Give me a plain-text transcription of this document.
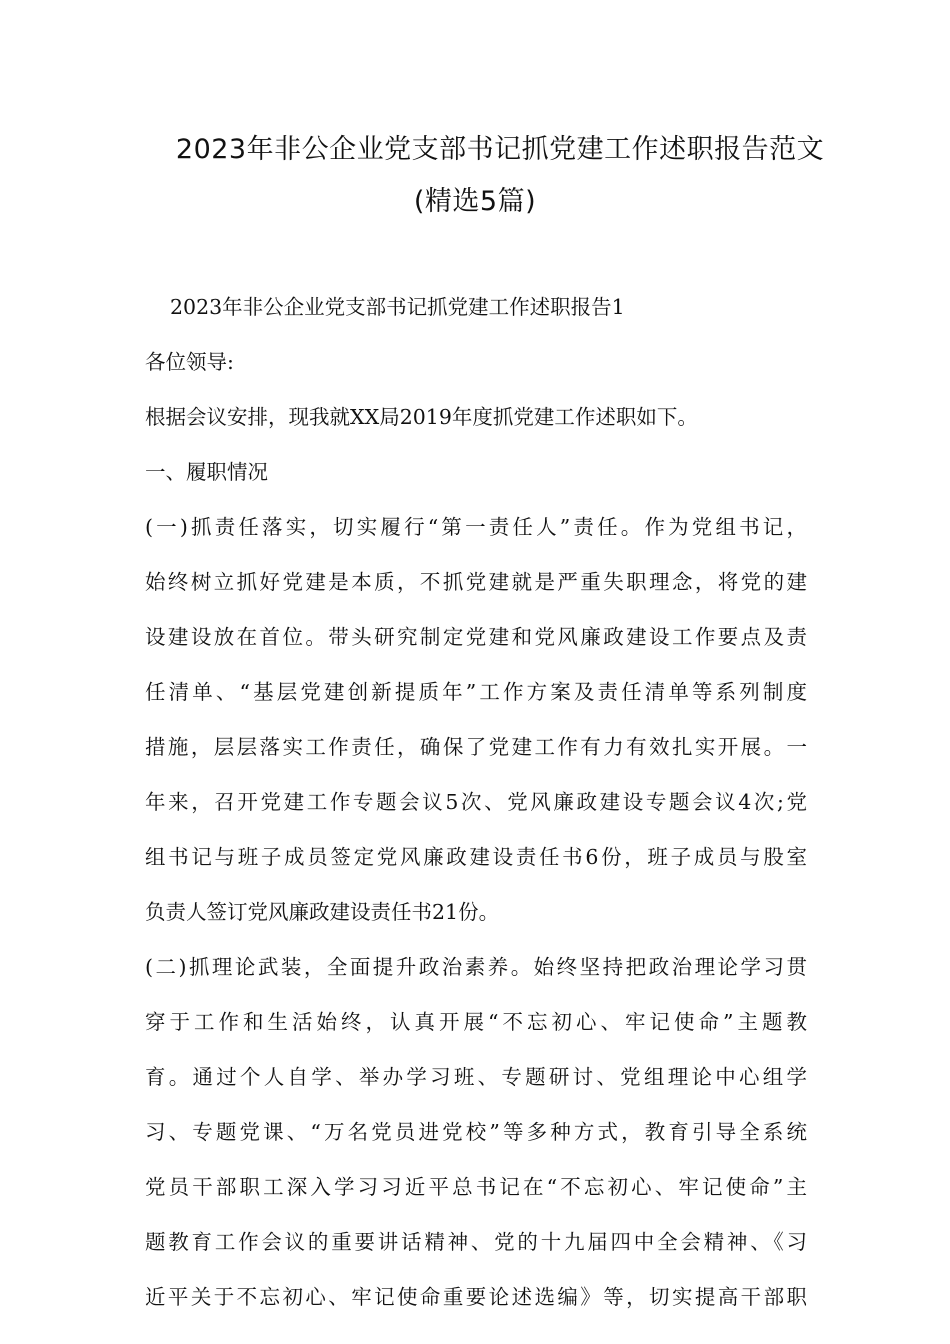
2023年非公企业党支部书记抓党建工作述职报告范文
(精选5篇)
2023年非公企业党支部书记抓党建工作述职报告1
各位领导:
根据会议安排，现我就XX局2019年度抓党建工作述职如下。
一、履职情况
(一)抓责任落实，切实履行“第一责任人”责任。作为党组书记，
始终树立抓好党建是本质，不抓党建就是严重失职理念，将党的建
设建设放在首位。带头研究制定党建和党风廉政建设工作要点及责
任清单、“基层党建创新提质年”工作方案及责任清单等系列制度
措施，层层落实工作责任，确保了党建工作有力有效扎实开展。一
年来，召开党建工作专题会议5次、党风廉政建设专题会议4次;党
组书记与班子成员签定党风廉政建设责任书6份，班子成员与股室
负责人签订党风廉政建设责任书21份。
(二)抓理论武装，全面提升政治素养。始终坚持把政治理论学习贯
穿于工作和生活始终，认真开展“不忘初心、牢记使命”主题教
育。通过个人自学、举办学习班、专题研讨、党组理论中心组学
习、专题党课、“万名党员进党校”等多种方式，教育引导全系统
党员干部职工深入学习习近平总书记在“不忘初心、牢记使命”主
题教育工作会议的重要讲话精神、党的十九届四中全会精神、《习
近平关于不忘初心、牢记使命重要论述选编》等，切实提高干部职
